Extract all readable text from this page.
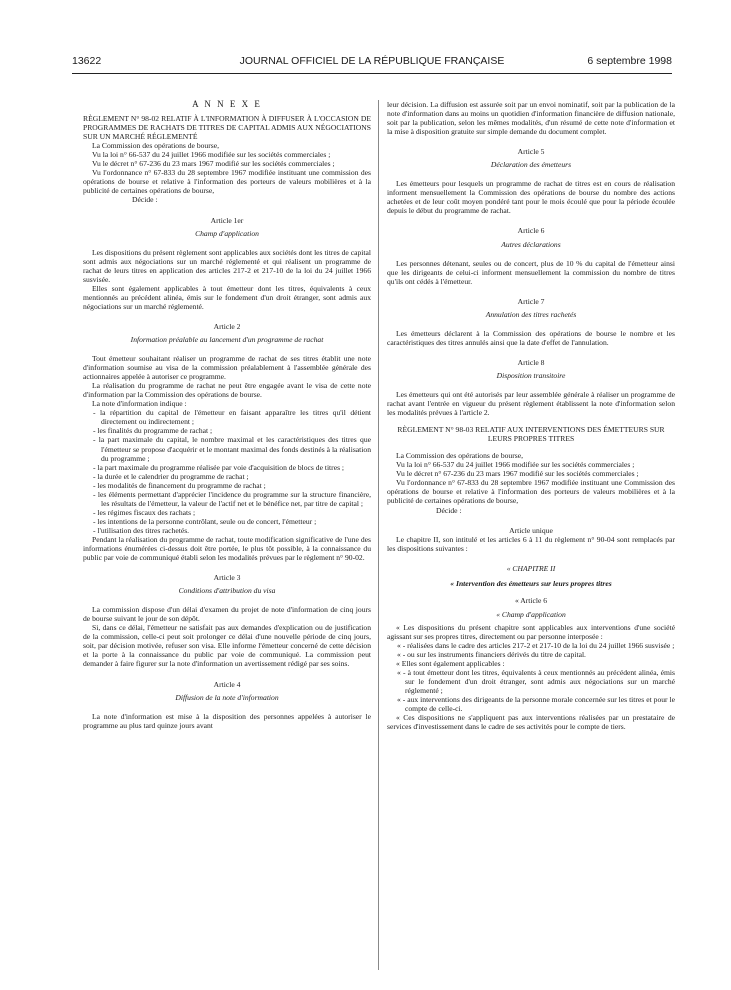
13622	JOURNAL OFFICIEL DE LA RÉPUBLIQUE FRANÇAISE	6 septembre 1998

A N N E X E

RÈGLEMENT N° 98-02 RELATIF À L'INFORMATION À DIFFUSER À L'OCCASION DE PROGRAMMES DE RACHATS DE TITRES DE CAPITAL ADMIS AUX NÉGOCIATIONS SUR UN MARCHÉ RÉGLEMENTÉ

La Commission des opérations de bourse,

Vu la loi n° 66-537 du 24 juillet 1966 modifiée sur les sociétés commerciales ;

Vu le décret n° 67-236 du 23 mars 1967 modifié sur les sociétés commerciales ;

Vu l'ordonnance n° 67-833 du 28 septembre 1967 modifiée instituant une commission des opérations de bourse et relative à l'information des porteurs de valeurs mobilières et à la publicité de certaines opérations de bourse,

Décide :

Article 1er

Champ d'application

Les dispositions du présent règlement sont applicables aux sociétés dont les titres de capital sont admis aux négociations sur un marché réglementé et qui réalisent un programme de rachat de leurs titres en application des articles 217-2 et 217-10 de la loi du 24 juillet 1966 susvisée.

Elles sont également applicables à tout émetteur dont les titres, équivalents à ceux mentionnés au précédent alinéa, émis sur le fondement d'un droit étranger, sont admis aux négociations sur un marché réglementé.

Article 2

Information préalable au lancement d'un programme de rachat

Tout émetteur souhaitant réaliser un programme de rachat de ses titres établit une note d'information soumise au visa de la commission préalablement à l'assemblée générale des actionnaires appelée à autoriser ce programme.

La réalisation du programme de rachat ne peut être engagée avant le visa de cette note d'information par la Commission des opérations de bourse.

La note d'information indique :

- la répartition du capital de l'émetteur en faisant apparaître les titres qu'il détient directement ou indirectement ;

- les finalités du programme de rachat ;

- la part maximale du capital, le nombre maximal et les caractéristiques des titres que l'émetteur se propose d'acquérir et le montant maximal des fonds destinés à la réalisation du programme ;

- la part maximale du programme réalisée par voie d'acquisition de blocs de titres ;

- la durée et le calendrier du programme de rachat ;

- les modalités de financement du programme de rachat ;

- les éléments permettant d'apprécier l'incidence du programme sur la structure financière, les résultats de l'émetteur, la valeur de l'actif net et le bénéfice net, par titre de capital ;

- les régimes fiscaux des rachats ;

- les intentions de la personne contrôlant, seule ou de concert, l'émetteur ;

- l'utilisation des titres rachetés.

Pendant la réalisation du programme de rachat, toute modification significative de l'une des informations énumérées ci-dessus doit être portée, le plus tôt possible, à la connaissance du public par voie de communiqué établi selon les modalités prévues par le règlement n° 90-02.

Article 3

Conditions d'attribution du visa

La commission dispose d'un délai d'examen du projet de note d'information de cinq jours de bourse suivant le jour de son dépôt.

Si, dans ce délai, l'émetteur ne satisfait pas aux demandes d'explication ou de justification de la commission, celle-ci peut soit prolonger ce délai d'une nouvelle période de cinq jours, soit, par décision motivée, refuser son visa. Elle informe l'émetteur concerné de cette décision et la porte à la connaissance du public par voie de communiqué. La commission peut demander à faire figurer sur la note d'information un avertissement rédigé par ses soins.

Article 4

Diffusion de la note d'information

La note d'information est mise à la disposition des personnes appelées à autoriser le programme au plus tard quinze jours avant

leur décision. La diffusion est assurée soit par un envoi nominatif, soit par la publication de la note d'information dans au moins un quotidien d'information financière de diffusion nationale, soit par la publication, selon les mêmes modalités, d'un résumé de cette note d'information et la mise à disposition gratuite sur simple demande du document complet.

Article 5

Déclaration des émetteurs

Les émetteurs pour lesquels un programme de rachat de titres est en cours de réalisation informent mensuellement la Commission des opérations de bourse du nombre des actions achetées et de leur coût moyen pondéré tant pour le mois écoulé que pour la période écoulée depuis le début du programme de rachat.

Article 6

Autres déclarations

Les personnes détenant, seules ou de concert, plus de 10 % du capital de l'émetteur ainsi que les dirigeants de celui-ci informent mensuellement la commission du nombre de titres qu'ils ont cédés à l'émetteur.

Article 7

Annulation des titres rachetés

Les émetteurs déclarent à la Commission des opérations de bourse le nombre et les caractéristiques des titres annulés ainsi que la date d'effet de l'annulation.

Article 8

Disposition transitoire

Les émetteurs qui ont été autorisés par leur assemblée générale à réaliser un programme de rachat avant l'entrée en vigueur du présent règlement établissent la note d'information selon les modalités prévues à l'article 2.

RÈGLEMENT N° 98-03 RELATIF AUX INTERVENTIONS DES ÉMETTEURS SUR LEURS PROPRES TITRES

La Commission des opérations de bourse,

Vu la loi n° 66-537 du 24 juillet 1966 modifiée sur les sociétés commerciales ;

Vu le décret n° 67-236 du 23 mars 1967 modifié sur les sociétés commerciales ;

Vu l'ordonnance n° 67-833 du 28 septembre 1967 modifiée instituant une Commission des opérations de bourse et relative à l'information des porteurs de valeurs mobilières et à la publicité de certaines opérations de bourse,

Décide :

Article unique

Le chapitre II, son intitulé et les articles 6 à 11 du règlement n° 90-04 sont remplacés par les dispositions suivantes :

« CHAPITRE II

« Intervention des émetteurs sur leurs propres titres

« Article 6

« Champ d'application

« Les dispositions du présent chapitre sont applicables aux interventions d'une société agissant sur ses propres titres, directement ou par personne interposée :

« - réalisées dans le cadre des articles 217-2 et 217-10 de la loi du 24 juillet 1966 susvisée ;

« - ou sur les instruments financiers dérivés du titre de capital.

« Elles sont également applicables :

« - à tout émetteur dont les titres, équivalents à ceux mentionnés au précédent alinéa, émis sur le fondement d'un droit étranger, sont admis aux négociations sur un marché réglementé ;

« - aux interventions des dirigeants de la personne morale concernée sur les titres et pour le compte de celle-ci.

« Ces dispositions ne s'appliquent pas aux interventions réalisées par un prestataire de services d'investissement dans le cadre de ses activités pour le compte de tiers.
